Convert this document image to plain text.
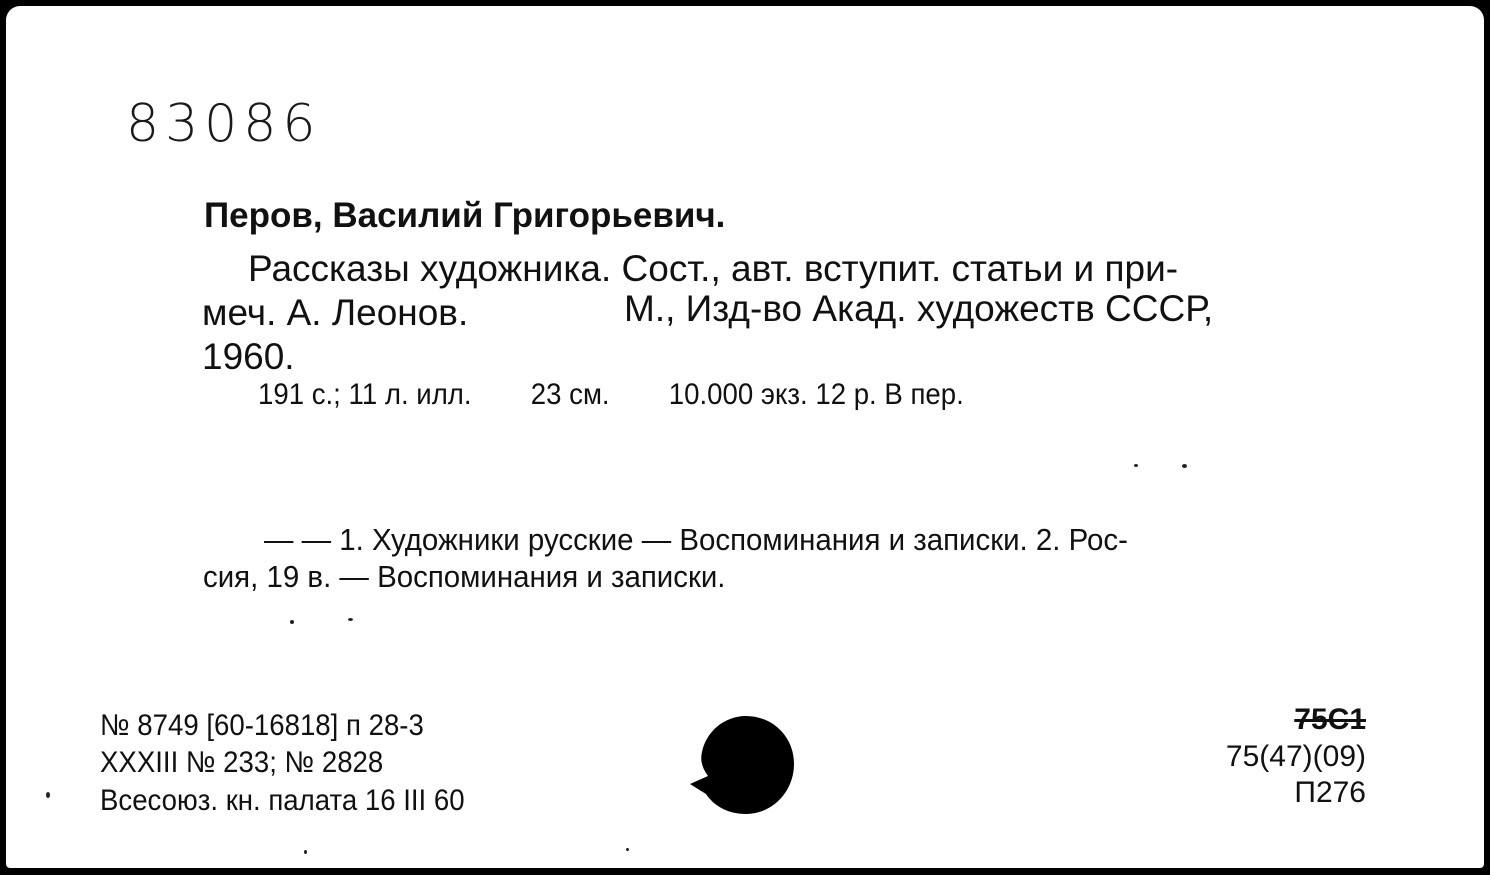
83086
Перов, Василий Григорьевич.
Рассказы художника. Сост., авт. вступит. статьи и при-
меч. А. Леонов.	М., Изд-во Акад. художеств СССР,
1960.
191 с.; 11 л. илл. 23 см. 10.000 экз. 12 р. В пер.
— — 1. Художники русские — Воспоминания и записки. 2. Рос-
сия, 19 в. — Воспоминания и записки.
№ 8749 [60-16818] п 28-3
XXXIII № 233; № 2828
Всесоюз. кн. палата 16 III 60
75С1
75(47)(09)
П276
